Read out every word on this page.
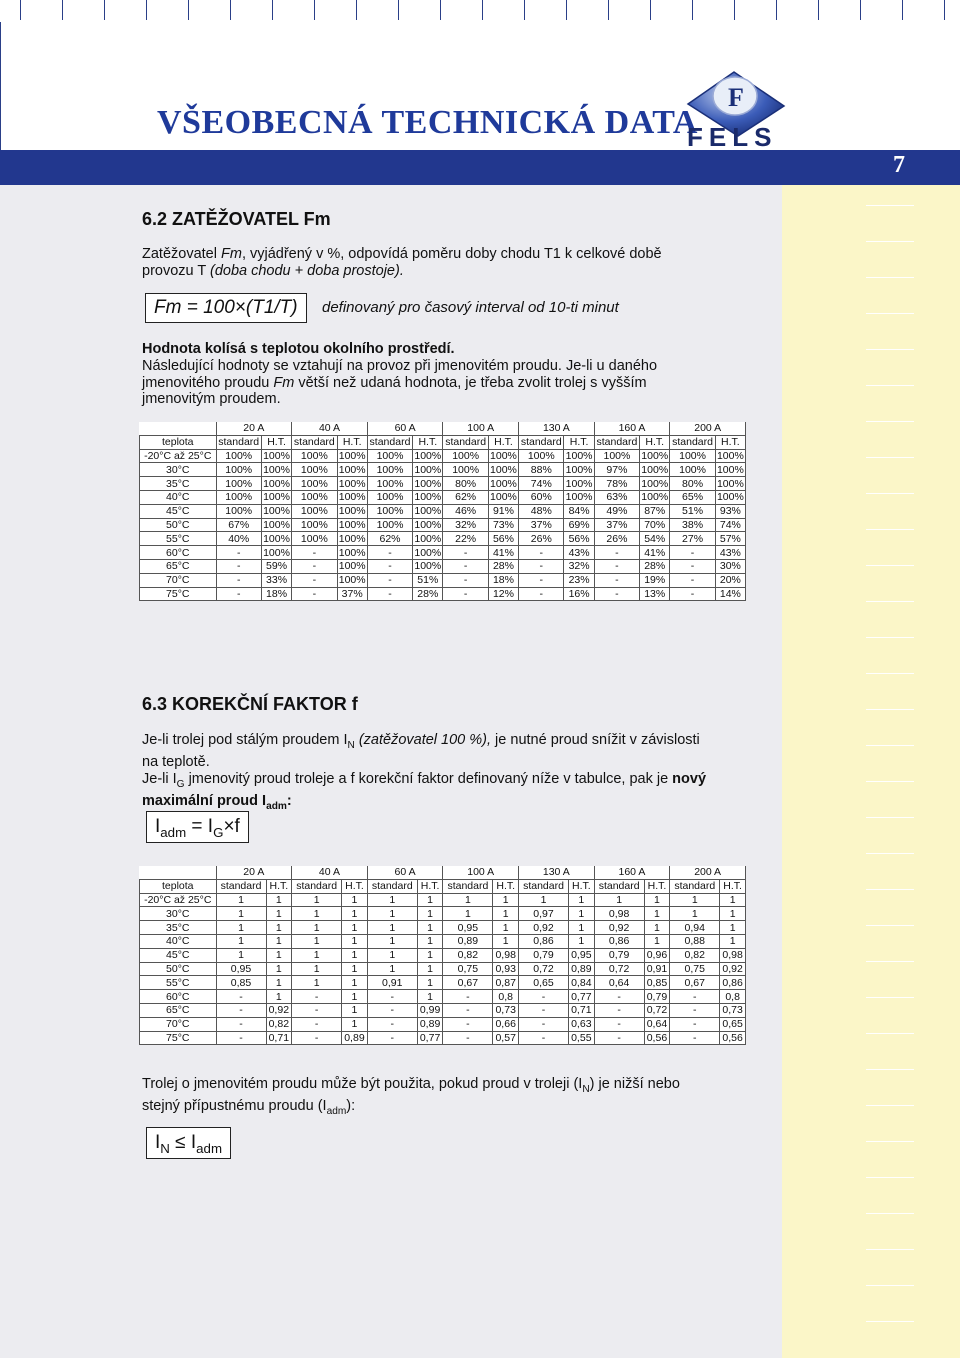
VŠEOBECNÁ TECHNICKÁ DATA
7
F
FELS
6.2 ZATĚŽOVATEL Fm
Zatěžovatel Fm, vyjádřený v %, odpovídá poměru doby chodu T1 k celkové době
provozu T (doba chodu + doba prostoje).
Fm = 100×(T1/T)	definovaný pro časový interval od 10-ti minut
Hodnota kolísá s teplotou okolního prostředí.
Následující hodnoty se vztahují na provoz při jmenovitém proudu. Je-li u daného
jmenovitého proudu Fm větší než udaná hodnota, je třeba zvolit trolej s vyšším
jmenovitým proudem.
	20 A		40 A		60 A		100 A		130 A		160 A		200 A	
teplota	standard	H.T.	standard	H.T.	standard	H.T.	standard	H.T.	standard	H.T.	standard	H.T.	standard	H.T.
-20°C až 25°C	100%	100%	100%	100%	100%	100%	100%	100%	100%	100%	100%	100%	100%	100%
30°C	100%	100%	100%	100%	100%	100%	100%	100%	88%	100%	97%	100%	100%	100%
35°C	100%	100%	100%	100%	100%	100%	80%	100%	74%	100%	78%	100%	80%	100%
40°C	100%	100%	100%	100%	100%	100%	62%	100%	60%	100%	63%	100%	65%	100%
45°C	100%	100%	100%	100%	100%	100%	46%	91%	48%	84%	49%	87%	51%	93%
50°C	67%	100%	100%	100%	100%	100%	32%	73%	37%	69%	37%	70%	38%	74%
55°C	40%	100%	100%	100%	62%	100%	22%	56%	26%	56%	26%	54%	27%	57%
60°C	-	100%	-	100%	-	100%	-	41%	-	43%	-	41%	-	43%
65°C	-	59%	-	100%	-	100%	-	28%	-	32%	-	28%	-	30%
70°C	-	33%	-	100%	-	51%	-	18%	-	23%	-	19%	-	20%
75°C	-	18%	-	37%	-	28%	-	12%	-	16%	-	13%	-	14%
6.3 KOREKČNÍ FAKTOR f
Je-li trolej pod stálým proudem $I_N$ (zatěžovatel 100 %), je nutné proud snížit v závislosti
na teplotě.
Je-li $I_G$ jmenovitý proud troleje a f korekční faktor definovaný níže v tabulce, pak je nový
maximální proud $I_{adm}$:
$I_{adm} = I_G\times f$
	20 A		40 A		60 A		100 A		130 A		160 A		200 A	
teplota	standard	H.T.	standard	H.T.	standard	H.T.	standard	H.T.	standard	H.T.	standard	H.T.	standard	H.T.
-20°C až 25°C	1	1	1	1	1	1	1	1	1	1	1	1	1	1
30°C	1	1	1	1	1	1	1	1	0,97	1	0,98	1	1	1
35°C	1	1	1	1	1	1	0,95	1	0,92	1	0,92	1	0,94	1
40°C	1	1	1	1	1	1	0,89	1	0,86	1	0,86	1	0,88	1
45°C	1	1	1	1	1	1	0,82	0,98	0,79	0,95	0,79	0,96	0,82	0,98
50°C	0,95	1	1	1	1	1	0,75	0,93	0,72	0,89	0,72	0,91	0,75	0,92
55°C	0,85	1	1	1	0,91	1	0,67	0,87	0,65	0,84	0,64	0,85	0,67	0,86
60°C	-	1	-	1	-	1	-	0,8	-	0,77	-	0,79	-	0,8
65°C	-	0,92	-	1	-	0,99	-	0,73	-	0,71	-	0,72	-	0,73
70°C	-	0,82	-	1	-	0,89	-	0,66	-	0,63	-	0,64	-	0,65
75°C	-	0,71	-	0,89	-	0,77	-	0,57	-	0,55	-	0,56	-	0,56
Trolej o jmenovitém proudu může být použita, pokud proud v troleji $(I_N)$ je nižší nebo
stejný přípustnému proudu $(I_{adm})$:
$I_N \le I_{adm}$
